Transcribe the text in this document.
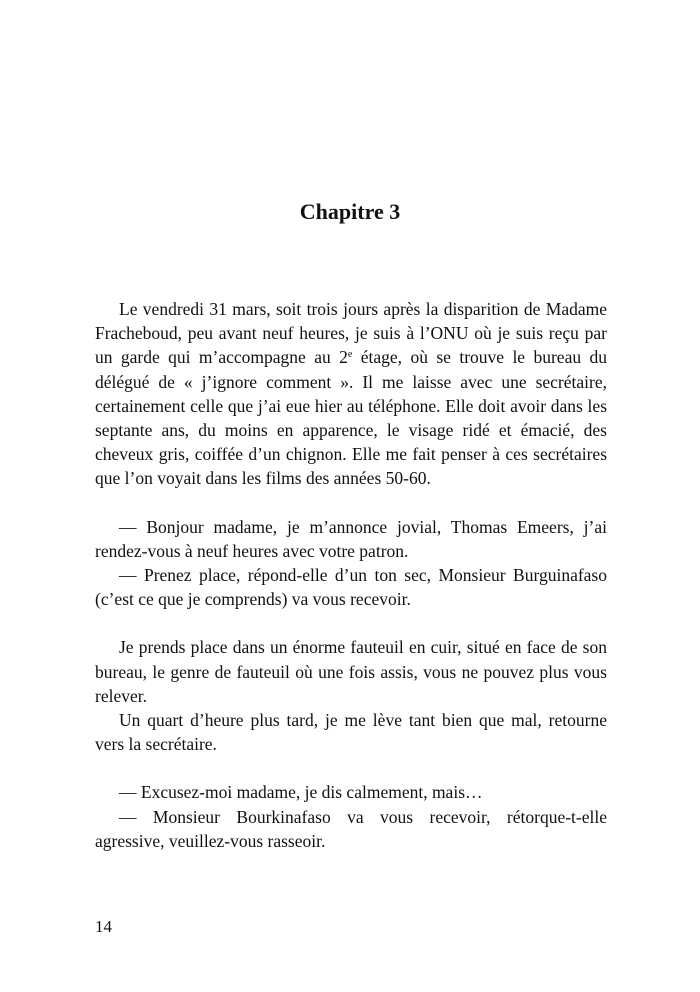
Chapitre 3

Le vendredi 31 mars, soit trois jours après la disparition de Madame Fracheboud, peu avant neuf heures, je suis à l’ONU où je suis reçu par un garde qui m’accompagne au 2e étage, où se trouve le bureau du délégué de « j’ignore comment ». Il me laisse avec une secrétaire, certainement celle que j’ai eue hier au téléphone. Elle doit avoir dans les septante ans, du moins en apparence, le visage ridé et émacié, des cheveux gris, coiffée d’un chignon. Elle me fait penser à ces secrétaires que l’on voyait dans les films des années 50-60.

— Bonjour madame, je m’annonce jovial, Thomas Emeers, j’ai rendez-vous à neuf heures avec votre patron.

— Prenez place, répond-elle d’un ton sec, Monsieur Burguinafaso (c’est ce que je comprends) va vous recevoir.

Je prends place dans un énorme fauteuil en cuir, situé en face de son bureau, le genre de fauteuil où une fois assis, vous ne pouvez plus vous relever.

Un quart d’heure plus tard, je me lève tant bien que mal, retourne vers la secrétaire.

— Excusez-moi madame, je dis calmement, mais…

— Monsieur Bourkinafaso va vous recevoir, rétorque-t-elle agressive, veuillez-vous rasseoir.

14
